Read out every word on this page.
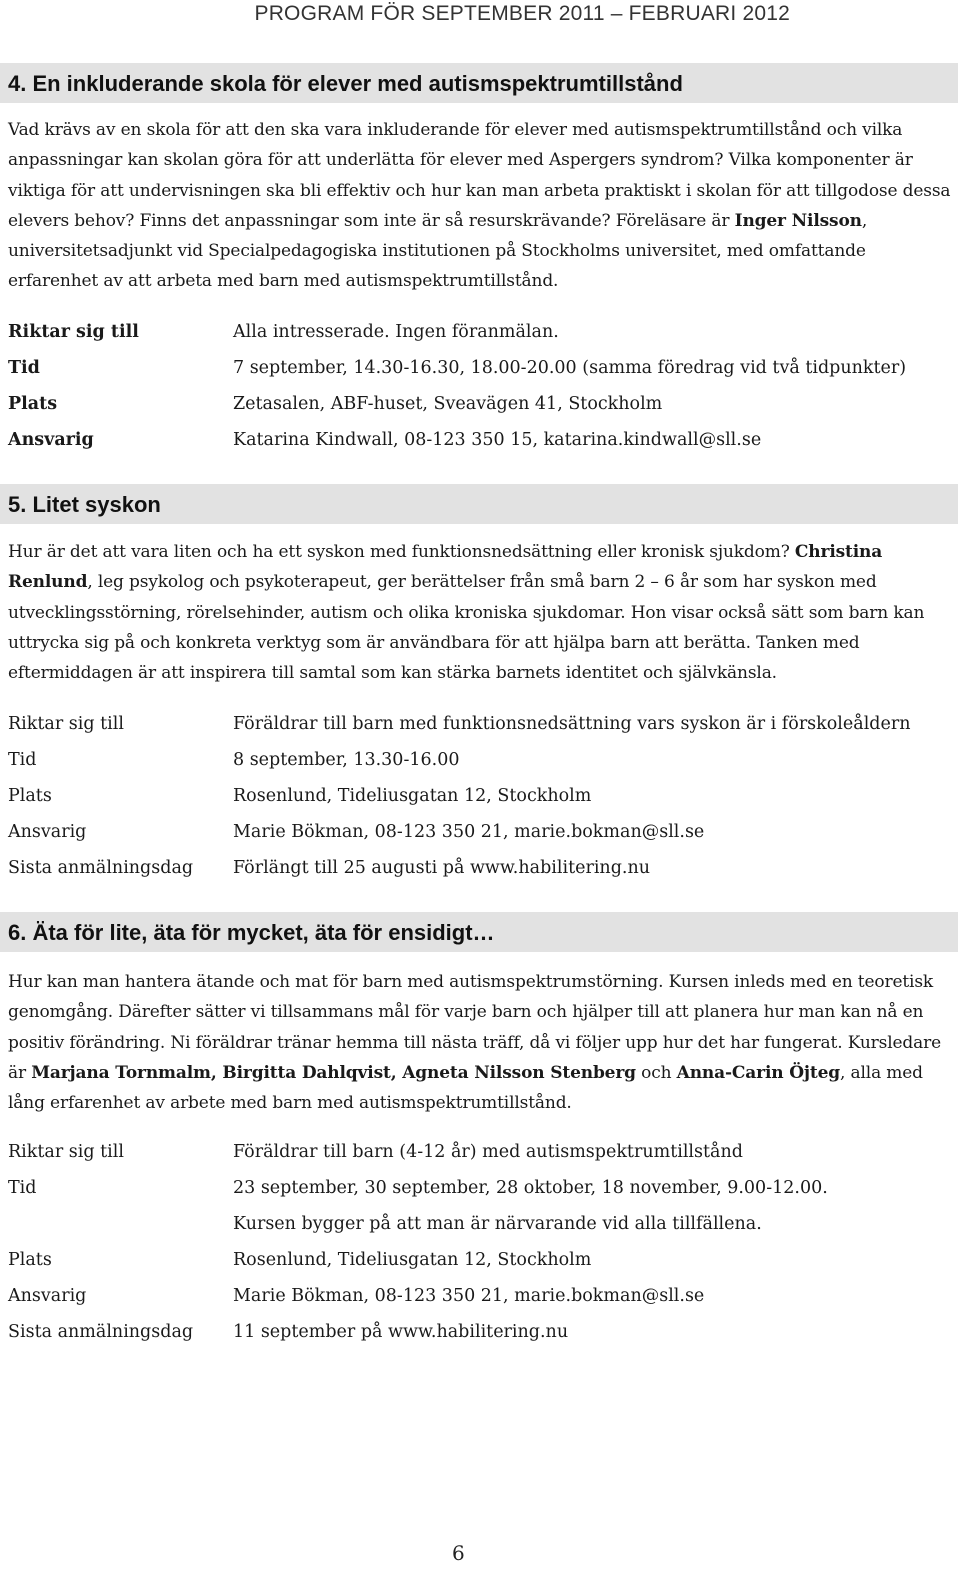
PROGRAM FÖR SEPTEMBER 2011 – FEBRUARI 2012
4. En inkluderande skola för elever med autismspektrumtillstånd
Vad krävs av en skola för att den ska vara inkluderande för elever med autismspektrumtillstånd och vilka anpassningar kan skolan göra för att underlätta för elever med Aspergers syndrom? Vilka komponenter är viktiga för att undervisningen ska bli effektiv och hur kan man arbeta praktiskt i skolan för att tillgodose dessa elevers behov? Finns det anpassningar som inte är så resurskrävande? Föreläsare är Inger Nilsson, universitetsadjunkt vid Specialpedagogiska institutionen på Stockholms universitet, med omfattande erfarenhet av att arbeta med barn med autismspektrumtillstånd.
Riktar sig till	Alla intresserade. Ingen föranmälan.
Tid	7 september, 14.30-16.30, 18.00-20.00 (samma föredrag vid två tidpunkter)
Plats	Zetasalen, ABF-huset, Sveavägen 41, Stockholm
Ansvarig	Katarina Kindwall, 08-123 350 15, katarina.kindwall@sll.se
5. Litet syskon
Hur är det att vara liten och ha ett syskon med funktionsnedsättning eller kronisk sjukdom? Christina Renlund, leg psykolog och psykoterapeut, ger berättelser från små barn 2 – 6 år som har syskon med utvecklingsstörning, rörelsehinder, autism och olika kroniska sjukdomar. Hon visar också sätt som barn kan uttrycka sig på och konkreta verktyg som är användbara för att hjälpa barn att berätta. Tanken med eftermiddagen är att inspirera till samtal som kan stärka barnets identitet och självkänsla.
Riktar sig till	Föräldrar till barn med funktionsnedsättning vars syskon är i förskoleåldern
Tid	8 september, 13.30-16.00
Plats	Rosenlund, Tideliusgatan 12, Stockholm
Ansvarig	Marie Bökman, 08-123 350 21, marie.bokman@sll.se
Sista anmälningsdag Förlängt till 25 augusti på www.habilitering.nu
6. Äta för lite, äta för mycket, äta för ensidigt…
Hur kan man hantera ätande och mat för barn med autismspektrumstörning. Kursen inleds med en teoretisk genomgång. Därefter sätter vi tillsammans mål för varje barn och hjälper till att planera hur man kan nå en positiv förändring. Ni föräldrar tränar hemma till nästa träff, då vi följer upp hur det har fungerat. Kursledare är Marjana Tornmalm, Birgitta Dahlqvist, Agneta Nilsson Stenberg och Anna-Carin Öjteg, alla med lång erfarenhet av arbete med barn med autismspektrumtillstånd.
Riktar sig till	Föräldrar till barn (4-12 år) med autismspektrumtillstånd
Tid	23 september, 30 september, 28 oktober, 18 november, 9.00-12.00.
Kursen bygger på att man är närvarande vid alla tillfällena.
Plats	Rosenlund, Tideliusgatan 12, Stockholm
Ansvarig	Marie Bökman, 08-123 350 21, marie.bokman@sll.se
Sista anmälningsdag 11 september på www.habilitering.nu
6
